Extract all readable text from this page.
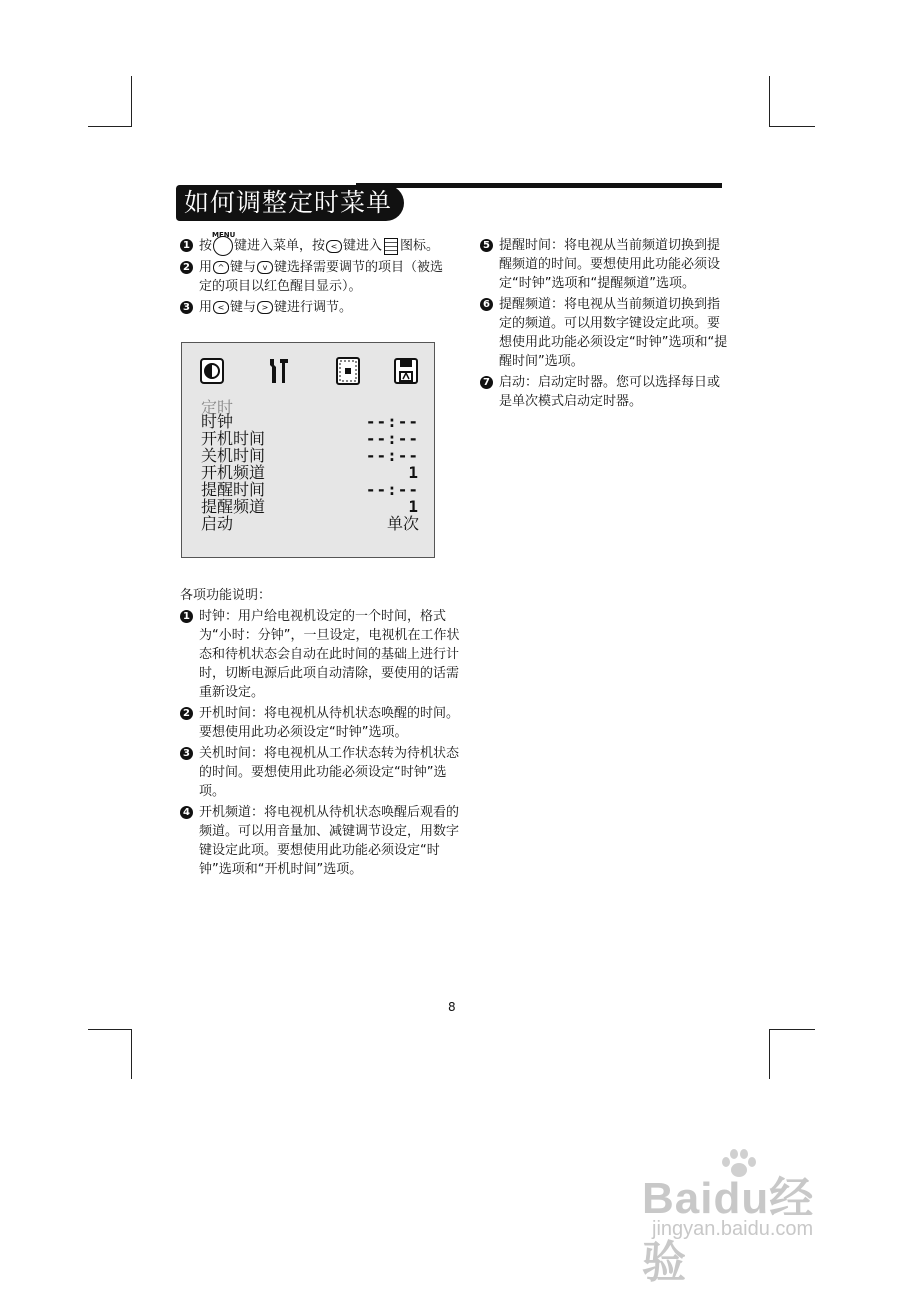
如何调整定时菜单
1 按
MENU
键进入菜单，按 < 键进入 图标。
2 用 ^ 键与 v 键选择需要调节的项目（被选定的项目以红色醒目显示）。
3 用 < 键与 > 键进行调节。
定时
时钟	--:--
开机时间	--:--
关机时间	--:--
开机频道	1
提醒时间	--:--
提醒频道	1
启动	单次
各项功能说明：
1 时钟：用户给电视机设定的一个时间，格式为“小时：分钟”，一旦设定，电视机在工作状态和待机状态会自动在此时间的基础上进行计时，切断电源后此项自动清除，要使用的话需重新设定。
2 开机时间：将电视机从待机状态唤醒的时间。要想使用此功必须设定“时钟”选项。
3 关机时间：将电视机从工作状态转为待机状态的时间。要想使用此功能必须设定“时钟”选项。
4 开机频道：将电视机从待机状态唤醒后观看的频道。可以用音量加、减键调节设定，用数字键设定此项。要想使用此功能必须设定“时钟”选项和“开机时间”选项。
5 提醒时间：将电视从当前频道切换到提醒频道的时间。要想使用此功能必须设定“时钟”选项和“提醒频道”选项。
6 提醒频道：将电视从当前频道切换到指定的频道。可以用数字键设定此项。要想使用此功能必须设定“时钟”选项和“提醒时间”选项。
7 启动：启动定时器。您可以选择每日或是单次模式启动定时器。
8
Baidu经验
jingyan.baidu.com
